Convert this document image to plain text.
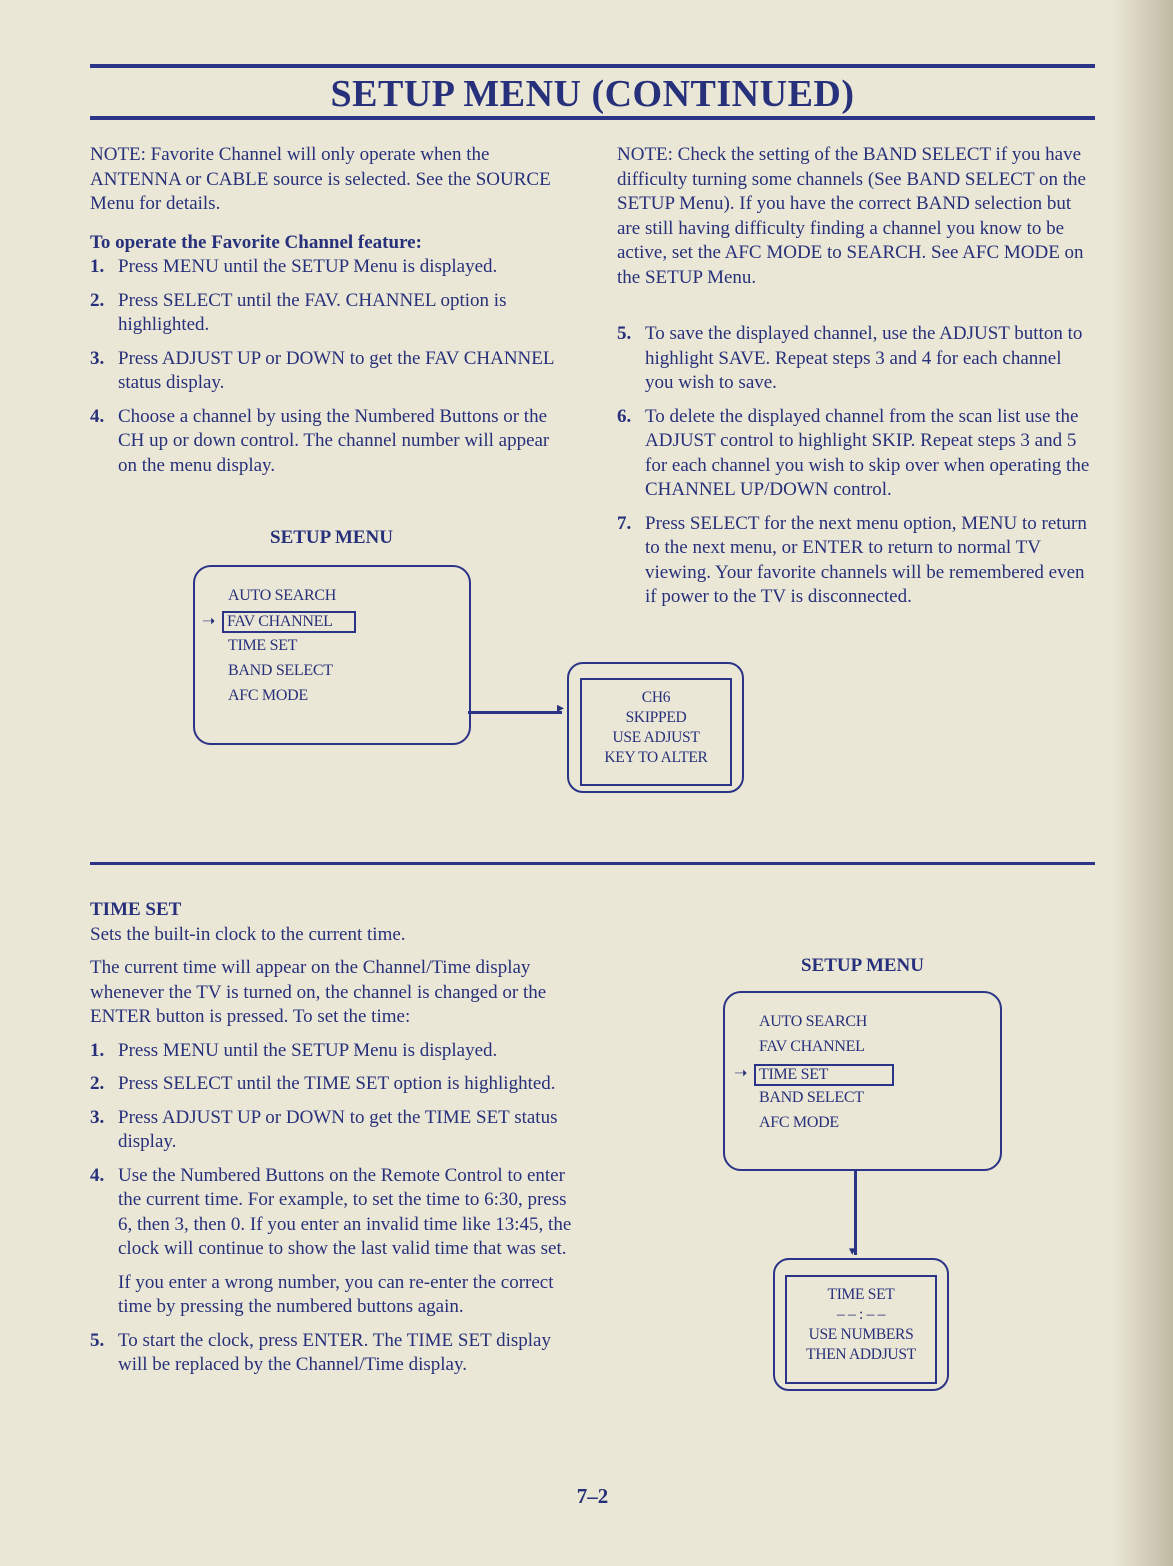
SETUP MENU (CONTINUED)

NOTE: Favorite Channel will only operate when the ANTENNA or CABLE source is selected. See the SOURCE Menu for details.

To operate the Favorite Channel feature:

1. Press MENU until the SETUP Menu is displayed.
2. Press SELECT until the FAV. CHANNEL option is highlighted.
3. Press ADJUST UP or DOWN to get the FAV CHANNEL status display.
4. Choose a channel by using the Numbered Buttons or the CH up or down control. The channel number will appear on the menu display.

NOTE: Check the setting of the BAND SELECT if you have difficulty turning some channels (See BAND SELECT on the SETUP Menu). If you have the correct BAND selection but are still having difficulty finding a channel you know to be active, set the AFC MODE to SEARCH. See AFC MODE on the SETUP Menu.

5. To save the displayed channel, use the ADJUST button to highlight SAVE. Repeat steps 3 and 4 for each channel you wish to save.
6. To delete the displayed channel from the scan list use the ADJUST control to highlight SKIP. Repeat steps 3 and 5 for each channel you wish to skip over when operating the CHANNEL UP/DOWN control.
7. Press SELECT for the next menu option, MENU to return to the next menu, or ENTER to return to normal TV viewing. Your favorite channels will be remembered even if power to the TV is disconnected.
SETUP MENU
AUTO SEARCH
➝ FAV CHANNEL
TIME SET
BAND SELECT
AFC MODE
▸
CH6
SKIPPED
USE ADJUST
KEY TO ALTER

TIME SET

Sets the built-in clock to the current time.

The current time will appear on the Channel/Time display whenever the TV is turned on, the channel is changed or the ENTER button is pressed. To set the time:

1. Press MENU until the SETUP Menu is displayed.
2. Press SELECT until the TIME SET option is highlighted.
3. Press ADJUST UP or DOWN to get the TIME SET status display.
4. Use the Numbered Buttons on the Remote Control to enter the current time. For example, to set the time to 6:30, press 6, then 3, then 0. If you enter an invalid time like 13:45, the clock will continue to show the last valid time that was set.

If you enter a wrong number, you can re-enter the correct time by pressing the numbered buttons again.

5. To start the clock, press ENTER. The TIME SET display will be replaced by the Channel/Time display.
SETUP MENU
AUTO SEARCH
FAV CHANNEL
➝ TIME SET
BAND SELECT
AFC MODE
▾
TIME SET
– – : – –
USE NUMBERS
THEN ADDJUST
7–2
